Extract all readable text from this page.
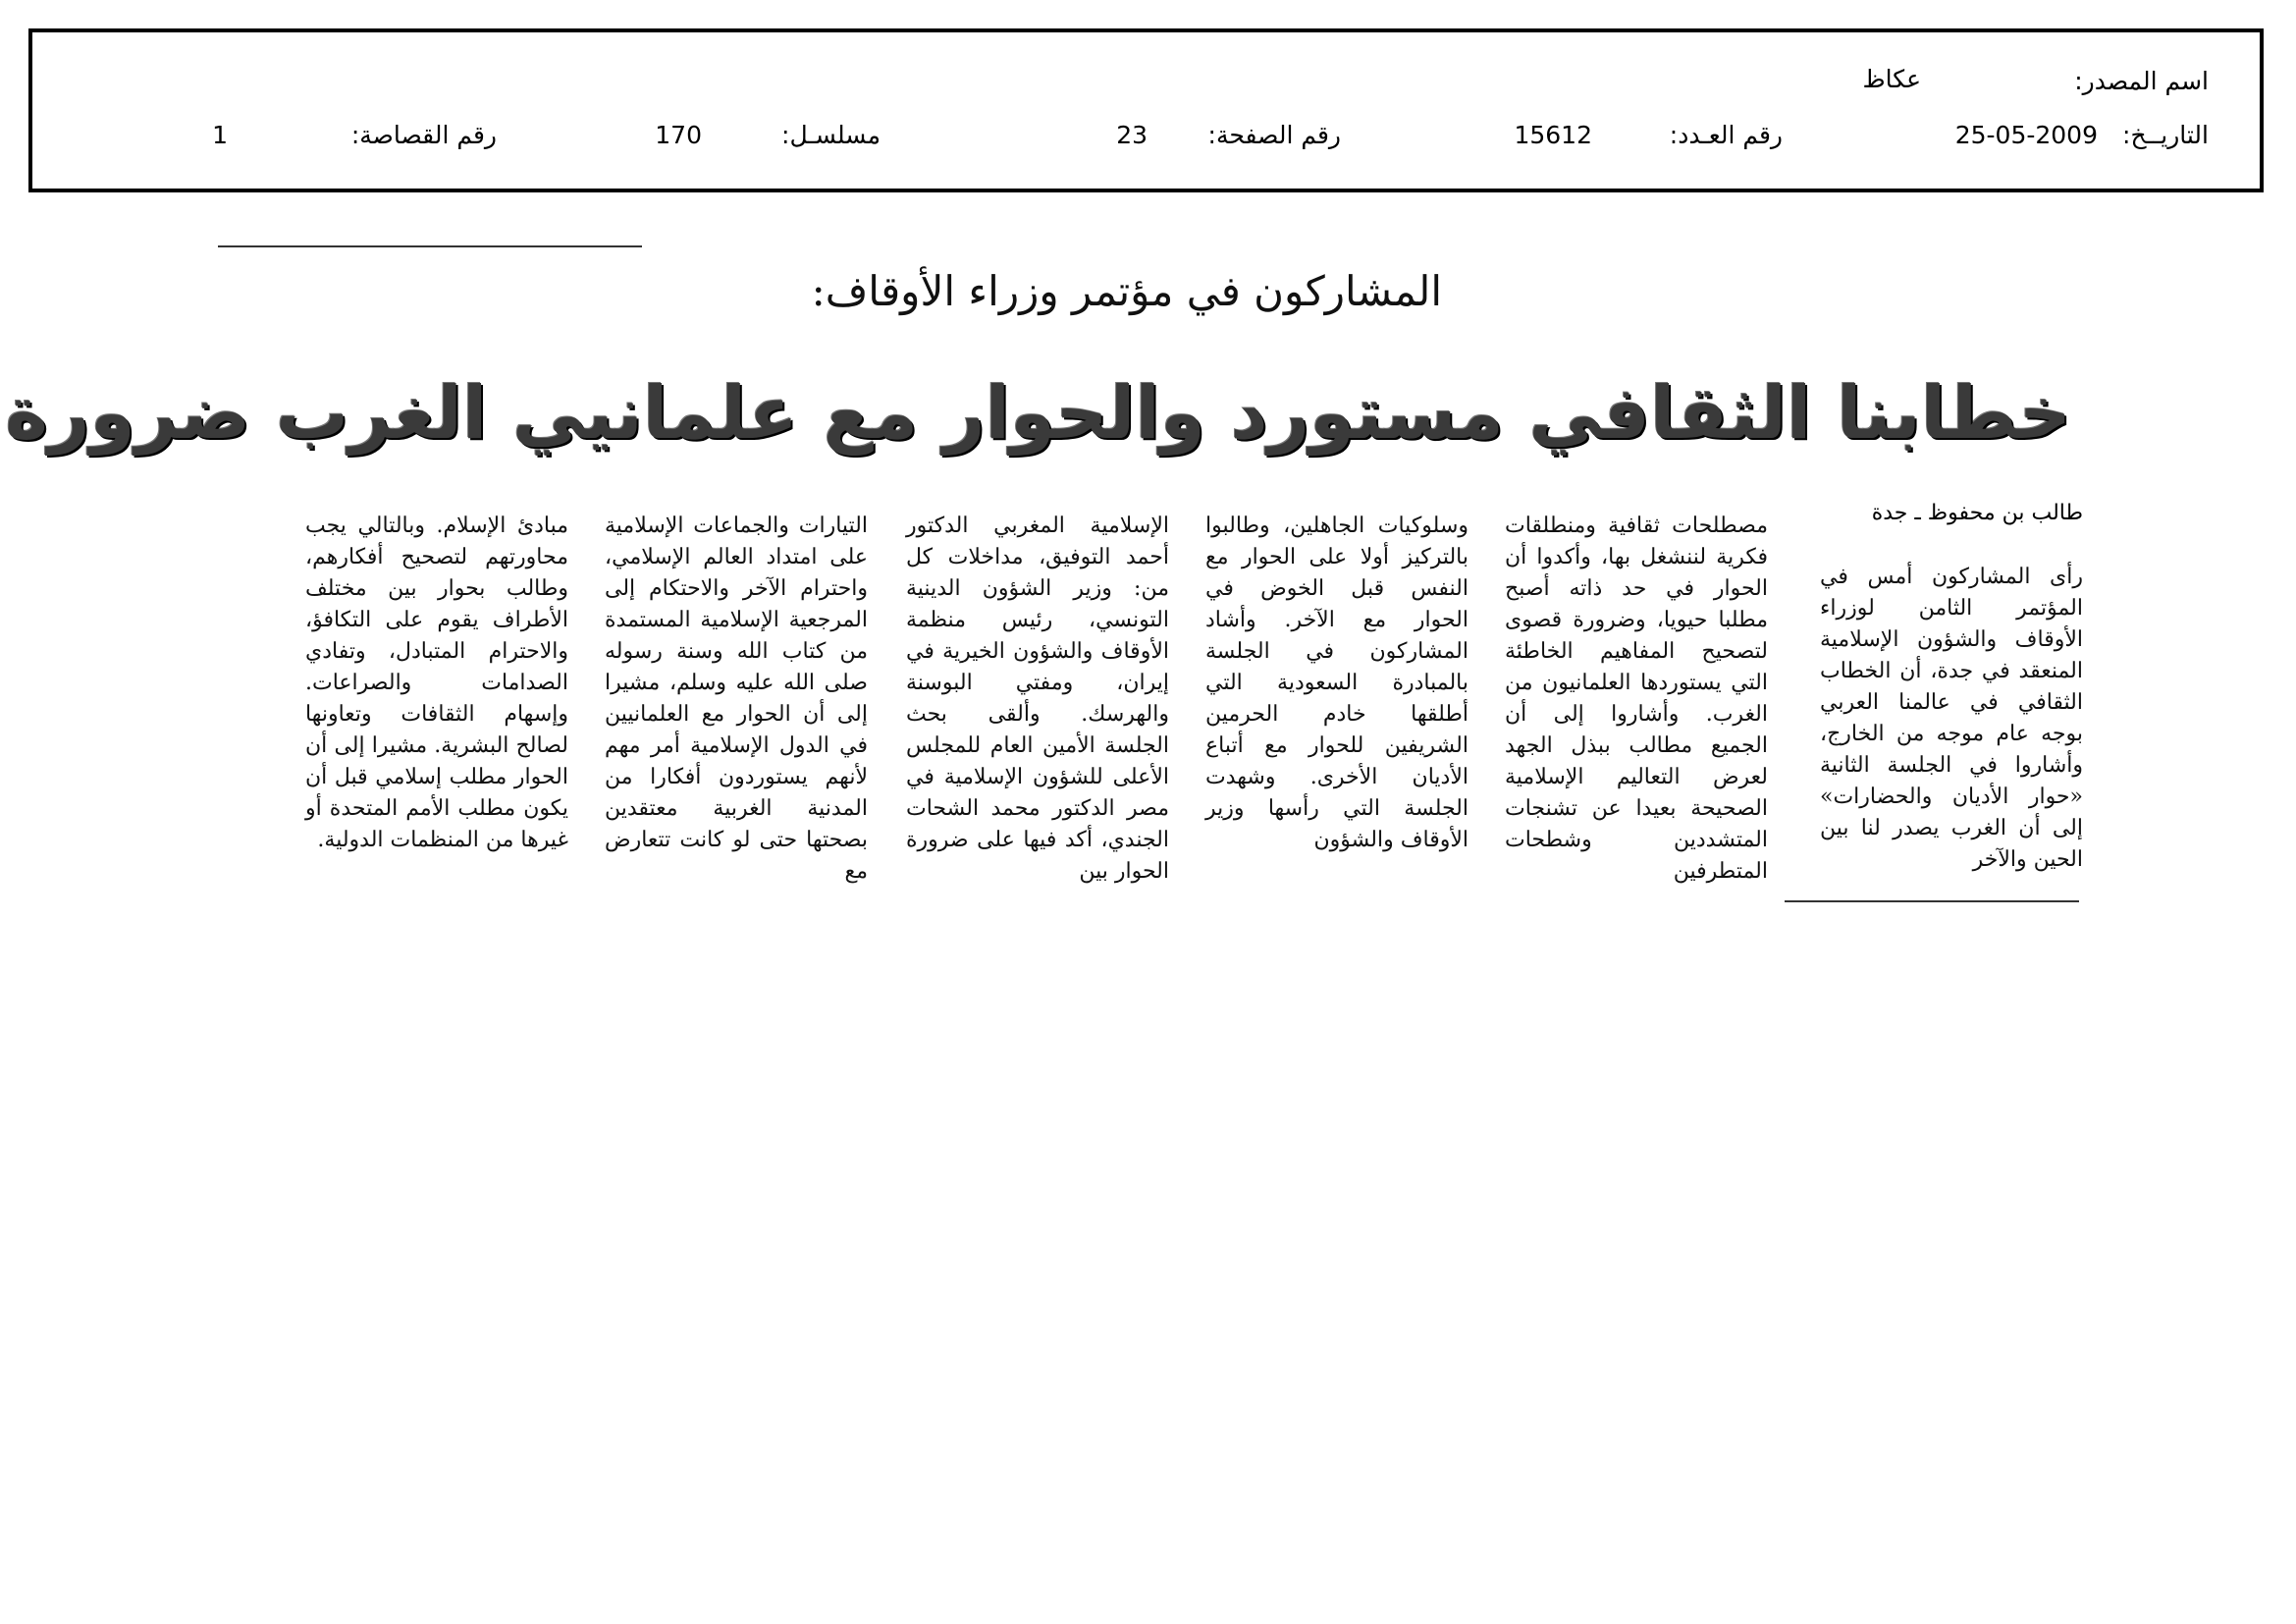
اسم المصدر:
عكاظ
التاريــخ:
25-05-2009
رقم العـدد:
15612
رقم الصفحة:
23
مسلسـل:
170
رقم القصاصة:
1
المشاركون في مؤتمر وزراء الأوقاف:
خطابنا الثقافي مستورد والحوار مع علمانيي الغرب ضرورة
طالب بن محفوظ ـ جدة

رأى المشاركون أمس في المؤتمر الثامن لوزراء الأوقاف والشؤون الإسلامية المنعقد في جدة، أن الخطاب الثقافي في عالمنا العربي بوجه عام موجه من الخارج، وأشاروا في الجلسة الثانية «حوار الأديان والحضارات» إلى أن الغرب يصدر لنا بين الحين والآخر

مصطلحات ثقافية ومنطلقات فكرية لننشغل بها، وأكدوا أن الحوار في حد ذاته أصبح مطلبا حيويا، وضرورة قصوى لتصحيح المفاهيم الخاطئة التي يستوردها العلمانيون من الغرب. وأشاروا إلى أن الجميع مطالب ببذل الجهد لعرض التعاليم الإسلامية الصحيحة بعيدا عن تشنجات المتشددين وشطحات المتطرفين

وسلوكيات الجاهلين، وطالبوا بالتركيز أولا على الحوار مع النفس قبل الخوض في الحوار مع الآخر. وأشاد المشاركون في الجلسة بالمبادرة السعودية التي أطلقها خادم الحرمين الشريفين للحوار مع أتباع الأديان الأخرى. وشهدت الجلسة التي رأسها وزير الأوقاف والشؤون

الإسلامية المغربي الدكتور أحمد التوفيق، مداخلات كل من: وزير الشؤون الدينية التونسي، رئيس منظمة الأوقاف والشؤون الخيرية في إيران، ومفتي البوسنة والهرسك. وألقى بحث الجلسة الأمين العام للمجلس الأعلى للشؤون الإسلامية في مصر الدكتور محمد الشحات الجندي، أكد فيها على ضرورة الحوار بين

التيارات والجماعات الإسلامية على امتداد العالم الإسلامي، واحترام الآخر والاحتكام إلى المرجعية الإسلامية المستمدة من كتاب الله وسنة رسوله صلى الله عليه وسلم، مشيرا إلى أن الحوار مع العلمانيين في الدول الإسلامية أمر مهم لأنهم يستوردون أفكارا من المدنية الغربية معتقدين بصحتها حتى لو كانت تتعارض مع

مبادئ الإسلام. وبالتالي يجب محاورتهم لتصحيح أفكارهم، وطالب بحوار بين مختلف الأطراف يقوم على التكافؤ، والاحترام المتبادل، وتفادي الصدامات والصراعات. وإسهام الثقافات وتعاونها لصالح البشرية. مشيرا إلى أن الحوار مطلب إسلامي قبل أن يكون مطلب الأمم المتحدة أو غيرها من المنظمات الدولية.
